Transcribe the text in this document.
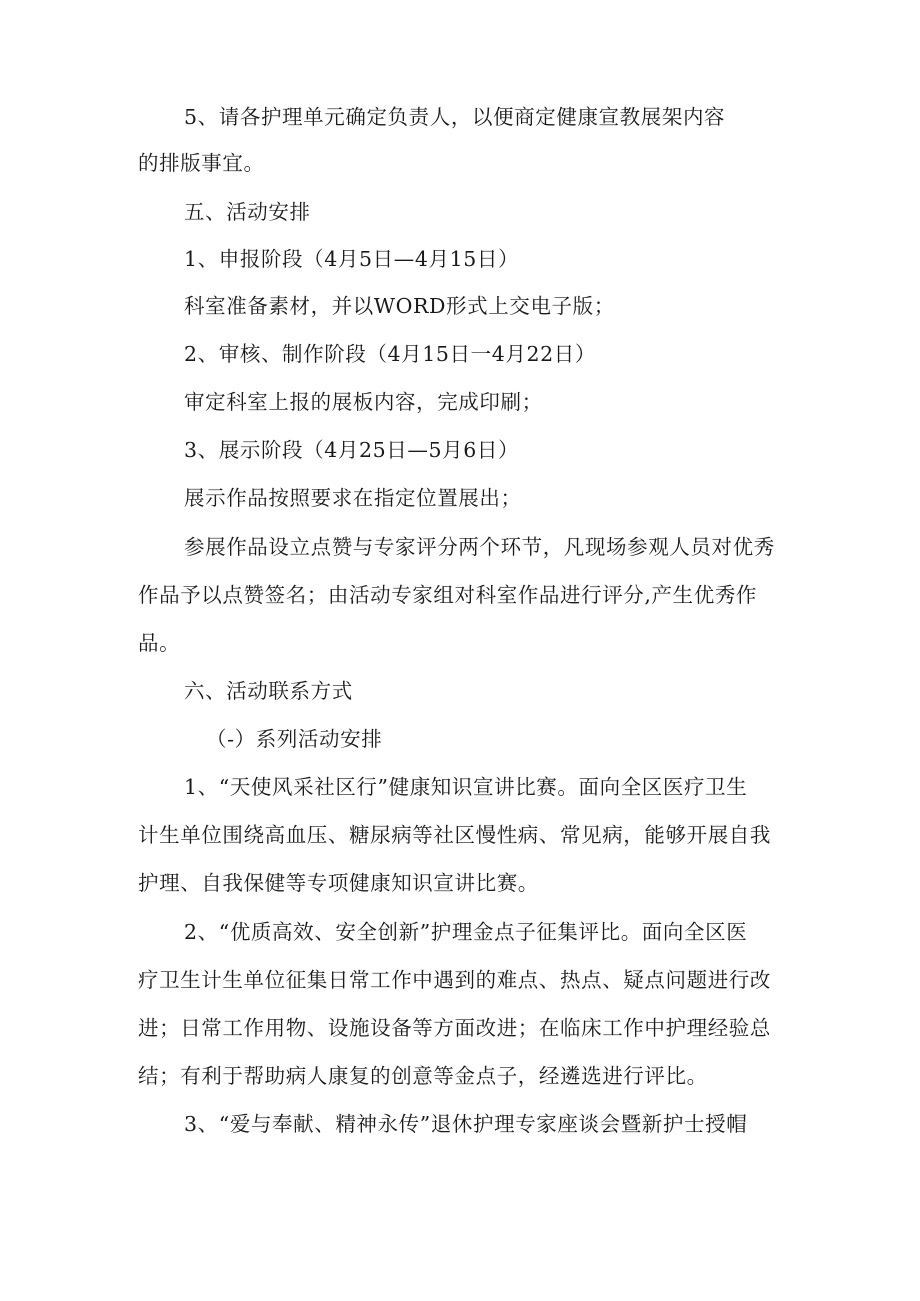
5、请各护理单元确定负责人，以便商定健康宣教展架内容
的排版事宜。
五、活动安排
1、申报阶段（4月5日—4月15日）
科室准备素材，并以WORD形式上交电子版；
2、审核、制作阶段（4月15日一4月22日）
审定科室上报的展板内容，完成印刷；
3、展示阶段（4月25日—5月6日）
展示作品按照要求在指定位置展出；
参展作品设立点赞与专家评分两个环节，凡现场参观人员对优秀
作品予以点赞签名；由活动专家组对科室作品进行评分,产生优秀作
品。
六、活动联系方式
（-）系列活动安排
1、“天使风采社区行”健康知识宣讲比赛。面向全区医疗卫生
计生单位围绕高血压、糖尿病等社区慢性病、常见病，能够开展自我
护理、自我保健等专项健康知识宣讲比赛。
2、“优质高效、安全创新”护理金点子征集评比。面向全区医
疗卫生计生单位征集日常工作中遇到的难点、热点、疑点问题进行改
进；日常工作用物、设施设备等方面改进；在临床工作中护理经验总
结；有利于帮助病人康复的创意等金点子，经遴选进行评比。
3、“爱与奉献、精神永传”退休护理专家座谈会暨新护士授帽
